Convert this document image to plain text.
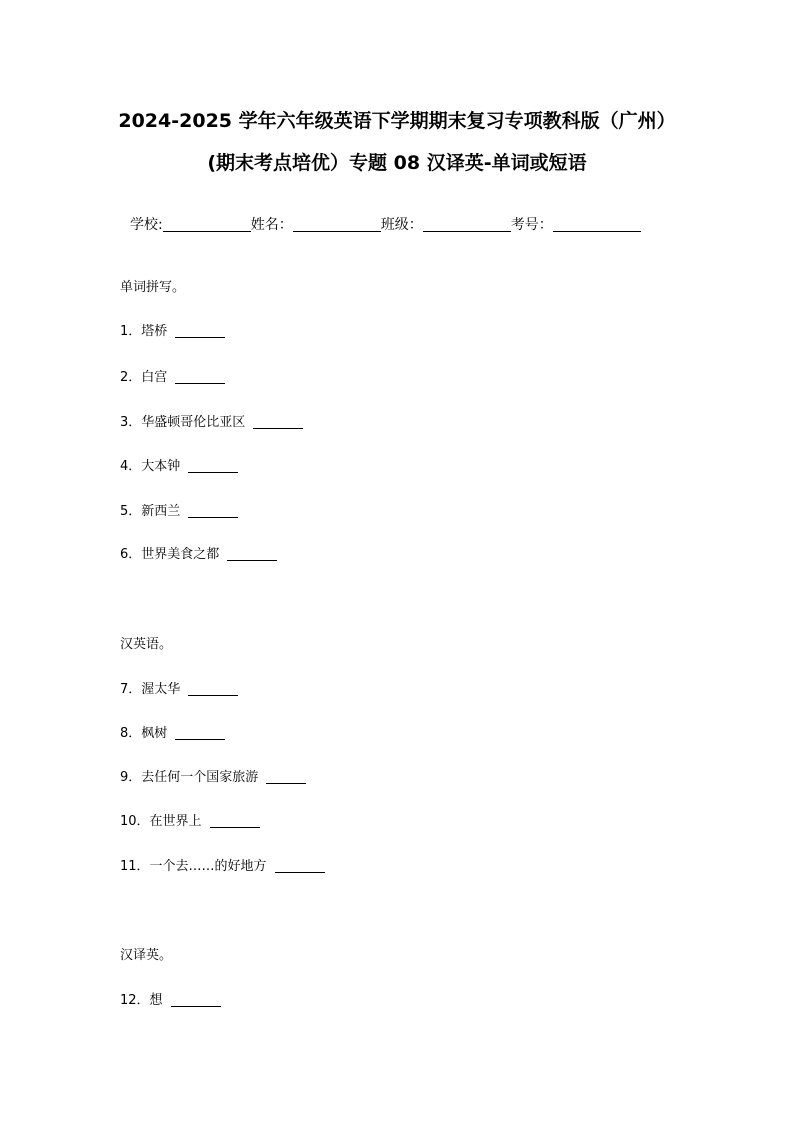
2024-2025 学年六年级英语下学期期末复习专项教科版（广州）
(期末考点培优）专题 08 汉译英-单词或短语
学校:	姓名：	班级：	考号：
单词拼写。
1．塔桥
2．白宫
3．华盛顿哥伦比亚区
4．大本钟
5．新西兰
6．世界美食之都
汉英语。
7．渥太华
8．枫树
9．去任何一个国家旅游
10．在世界上
11．一个去……的好地方
汉译英。
12．想
